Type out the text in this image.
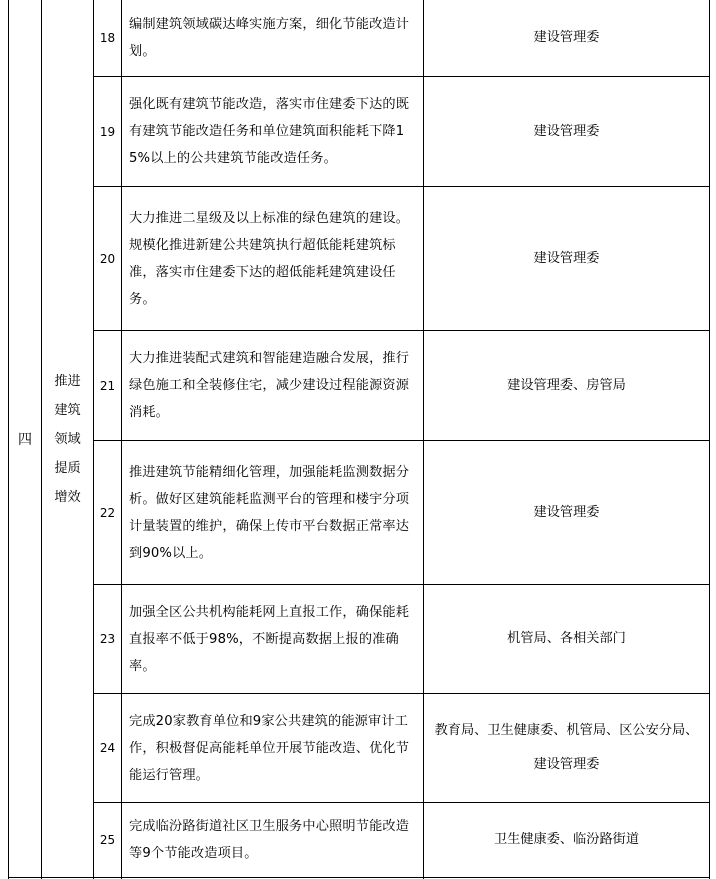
四
推进
建筑
领域
提质
增效
18
编制建筑领域碳达峰实施方案，细化节能改造计划。
建设管理委
19
强化既有建筑节能改造，落实市住建委下达的既有建筑节能改造任务和单位建筑面积能耗下降15%以上的公共建筑节能改造任务。
建设管理委
20
大力推进二星级及以上标准的绿色建筑的建设。规模化推进新建公共建筑执行超低能耗建筑标准，落实市住建委下达的超低能耗建筑建设任务。
建设管理委
21
大力推进装配式建筑和智能建造融合发展，推行绿色施工和全装修住宅，减少建设过程能源资源消耗。
建设管理委、房管局
22
推进建筑节能精细化管理，加强能耗监测数据分析。做好区建筑能耗监测平台的管理和楼宇分项计量装置的维护，确保上传市平台数据正常率达到90%以上。
建设管理委
23
加强全区公共机构能耗网上直报工作，确保能耗直报率不低于98%，不断提高数据上报的准确率。
机管局、各相关部门
24
完成20家教育单位和9家公共建筑的能源审计工作，积极督促高能耗单位开展节能改造、优化节能运行管理。
教育局、卫生健康委、机管局、区公安分局、建设管理委
25
完成临汾路街道社区卫生服务中心照明节能改造等9个节能改造项目。
卫生健康委、临汾路街道
